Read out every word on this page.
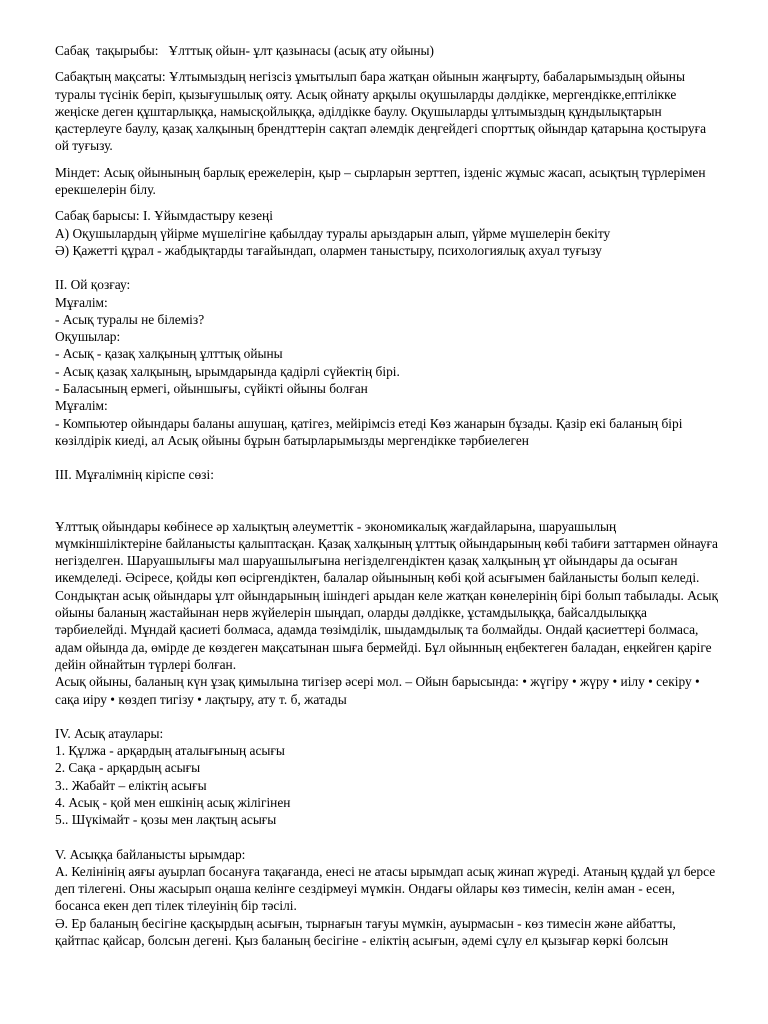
Сабақ  тақырыбы:   Ұлттық ойын- ұлт қазынасы (асық ату ойыны)

Сабақтың мақсаты: Ұлтымыздың негізсіз ұмытылып бара жатқан ойынын жаңғырту, бабаларымыздың ойыны туралы түсінік беріп, қызығушылық ояту. Асық ойнату арқылы оқушыларды дәлдікке, мергендікке,ептілікке жеңіске деген құштарлыққа, намысқойлыққа, әділдікке баулу. Оқушыларды ұлтымыздың құндылықтарын қастерлеуге баулу, қазақ халқының брендттерін сақтап әлемдік деңгейдегі спорттық ойындар қатарына қостыруға ой туғызу.

Міндет: Асық ойынының барлық ережелерін, қыр – сырларын зерттеп, ізденіс жұмыс жасап, асықтың түрлерімен ерекшелерін білу.

Сабақ барысы: I. Ұйымдастыру кезеңі

А) Оқушылардың үйірме мүшелігіне қабылдау туралы арыздарын алып, үйрме мүшелерін бекіту

Ә) Қажетті құрал - жабдықтарды тағайындап, олармен таныстыру, психологиялық ахуал туғызу

II. Ой қозғау:

Мұғалім:

- Асық туралы не білеміз?

Оқушылар:

- Асық - қазақ халқының ұлттық ойыны

- Асық қазақ халқының, ырымдарында қадірлі сүйектің бірі.

- Баласының ермегі, ойыншығы, сүйікті ойыны болған

Мұғалім:

- Компьютер ойындары баланы ашушаң, қатігез, мейірімсіз етеді Көз жанарын бұзады. Қазір екі баланың бірі көзілдірік киеді, ал Асық ойыны бұрын батырларымызды мергендікке тәрбиелеген

III. Мұғалімнің кіріспе сөзі:

Ұлттық ойындары көбінесе әр халықтың әлеуметтік - экономикалық жағдайларына, шаруашылың мүмкіншіліктеріне байланысты қалыптасқан. Қазақ халқының ұлттық ойындарының көбі табиғи заттармен ойнауға негізделген. Шаруашылығы мал шаруашылығына негізделгендіктен қазақ халқының ұт ойындары да осыған икемделеді. Әсіресе, қойды көп өсіргендіктен, балалар ойынының көбі қой асығымен байланысты болып келеді. Сондықтан асық ойындары ұлт ойындарының ішіндегі арыдан келе жатқан көнелерінің бірі болып табылады. Асық ойыны баланың жастайынан нерв жүйелерін шыңдап, оларды дәлдікке, ұстамдылыққа, байсалдылыққа тәрбиелейді. Мұндай қасиеті болмаса, адамда төзімділік, шыдамдылық та болмайды. Ондай қасиеттері болмаса, адам ойында да, өмірде де көздеген мақсатынан шыға бермейді. Бұл ойынның еңбектеген баладан, еңкейген қаріге дейін ойнайтын түрлері болған.

Асық ойыны, баланың күн ұзақ қимылына тигізер әсері мол. – Ойын барысында: • жүгіру • жүру • иілу • секіру • сақа иіру • көздеп тигізу • лақтыру, ату т. б, жатады

IV. Асық атаулары:

1. Құлжа - арқардың аталығының асығы

2. Сақа - арқардың асығы

3.. Жабайт – еліктің асығы

4. Асық - қой мен ешкінің асық жілігінен

5.. Шүкімайт - қозы мен лақтың асығы

V. Асыққа байланысты ырымдар:

А. Келінінің аяғы ауырлап босануға тақағанда, енесі не атасы ырымдап асық жинап жүреді. Атаның құдай ұл берсе деп тілегені. Оны жасырып оңаша келінге сездірмеуі мүмкін. Ондағы ойлары көз тимесін, келін аман - есен, босанса екен деп тілек тілеуінің бір тәсілі.

Ә. Ер баланың бесігіне қасқырдың асығын, тырнағын тағуы мүмкін, ауырмасын - көз тимесін және айбатты, қайтпас қайсар, болсын дегені. Қыз баланың бесігіне - еліктің асығын, әдемі сұлу ел қызығар көркі болсын
